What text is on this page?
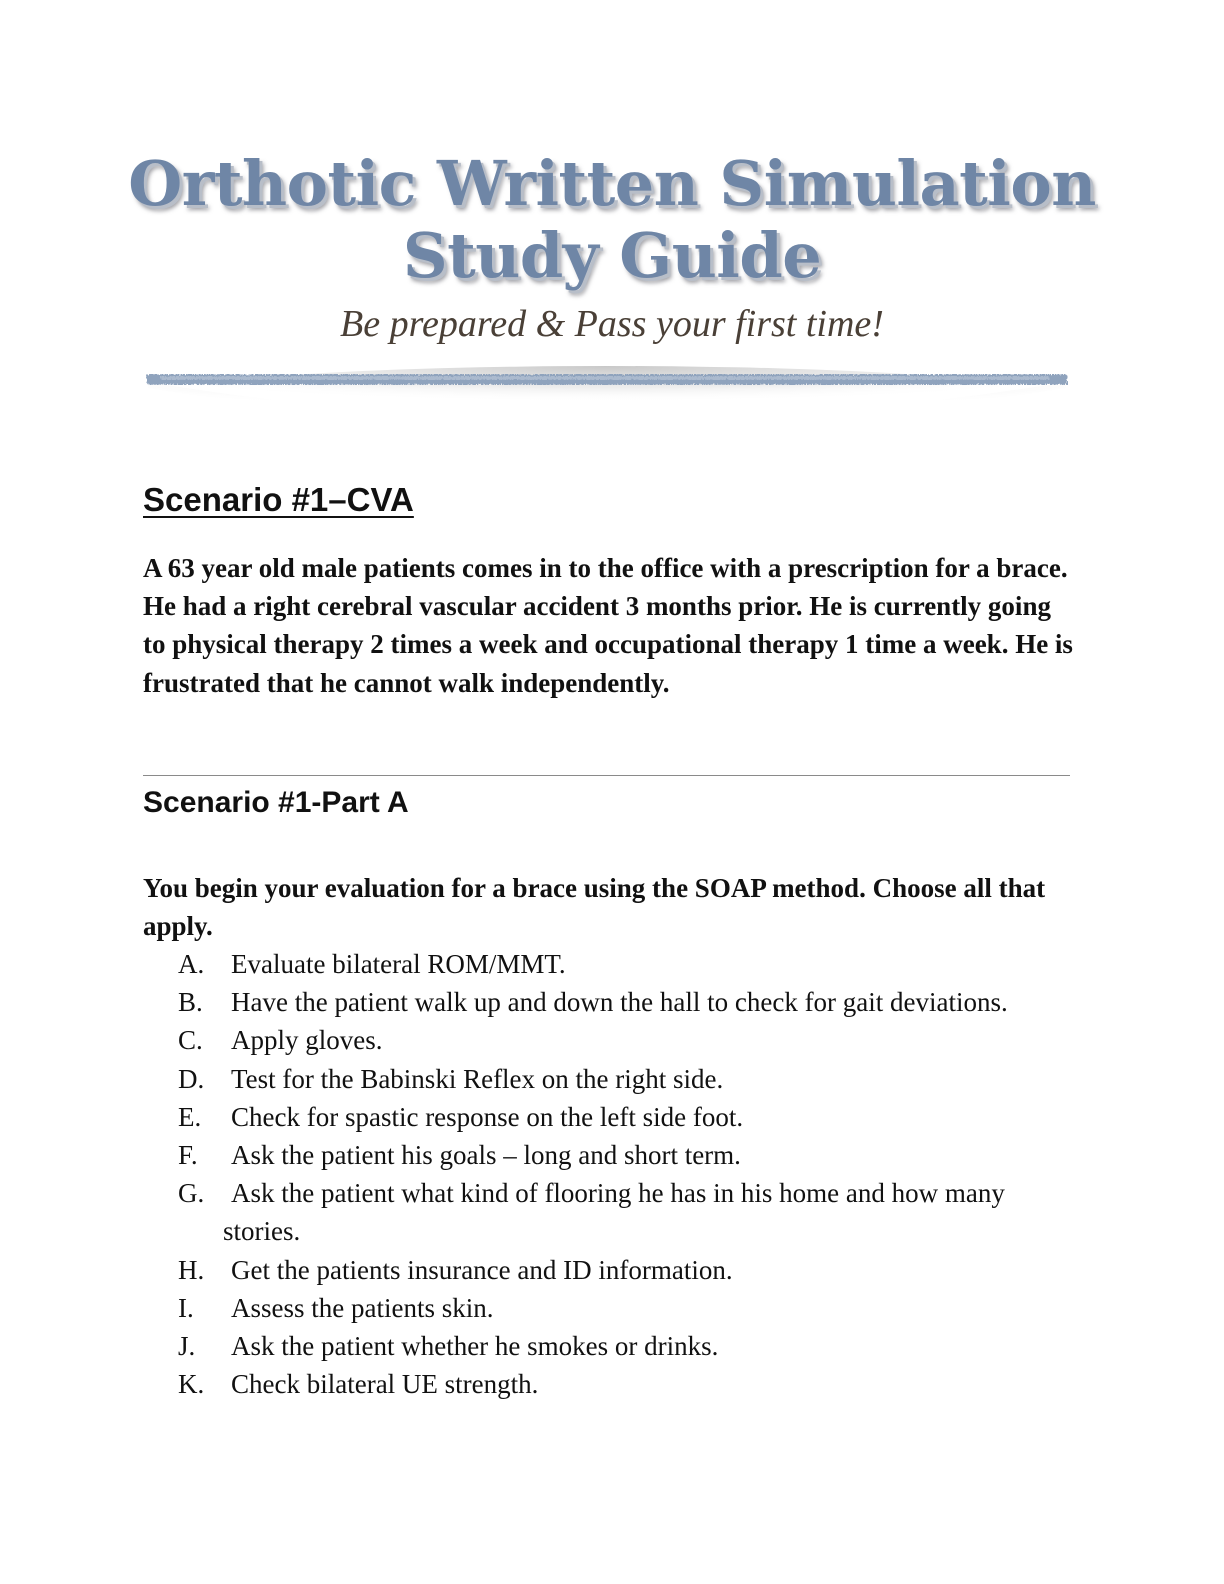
Orthotic Written Simulation
Study Guide
Be prepared & Pass your first time!
Scenario #1–CVA
A 63 year old male patients comes in to the office with a prescription for a brace. He had a right cerebral vascular accident 3 months prior. He is currently going to physical therapy 2 times a week and occupational therapy 1 time a week. He is frustrated that he cannot walk independently.
Scenario #1-Part A
You begin your evaluation for a brace using the SOAP method. Choose all that apply.
A. Evaluate bilateral ROM/MMT.
B.	Have the patient walk up and down the hall to check for gait deviations.
C.	Apply gloves.
D. Test for the Babinski Reflex on the right side.
E.	Check for spastic response on the left side foot.
F.	Ask the patient his goals – long and short term.
G. Ask the patient what kind of flooring he has in his home and how many
stories.
H. Get the patients insurance and ID information.
I.	Assess the patients skin.
J.	Ask the patient whether he smokes or drinks.
K. Check bilateral UE strength.
